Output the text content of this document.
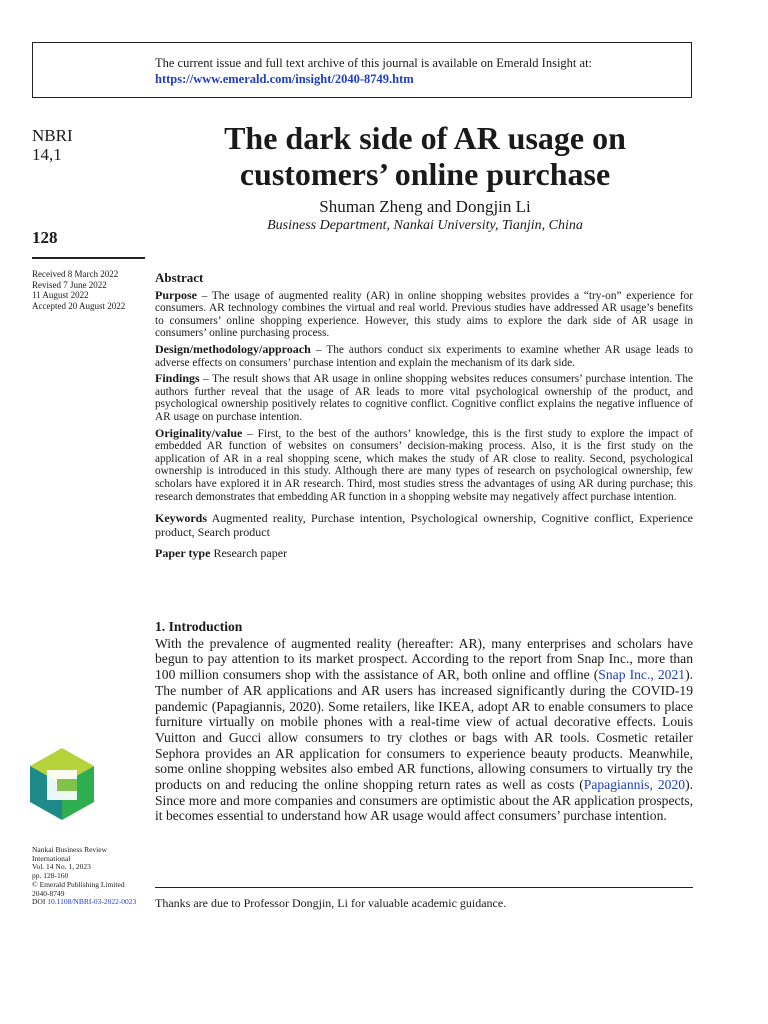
The current issue and full text archive of this journal is available on Emerald Insight at:
https://www.emerald.com/insight/2040-8749.htm
NBRI
14,1
128
Received 8 March 2022
Revised 7 June 2022
11 August 2022
Accepted 20 August 2022
The dark side of AR usage on
customers’ online purchase
Shuman Zheng and Dongjin Li
Business Department, Nankai University, Tianjin, China
Abstract

Purpose – The usage of augmented reality (AR) in online shopping websites provides a “try-on” experience for consumers. AR technology combines the virtual and real world. Previous studies have addressed AR usage’s benefits to consumers’ online shopping experience. However, this study aims to explore the dark side of AR usage in consumers’ online purchasing process.

Design/methodology/approach – The authors conduct six experiments to examine whether AR usage leads to adverse effects on consumers’ purchase intention and explain the mechanism of its dark side.

Findings – The result shows that AR usage in online shopping websites reduces consumers’ purchase intention. The authors further reveal that the usage of AR leads to more vital psychological ownership of the product, and psychological ownership positively relates to cognitive conflict. Cognitive conflict explains the negative influence of AR usage on purchase intention.

Originality/value – First, to the best of the authors’ knowledge, this is the first study to explore the impact of embedded AR function of websites on consumers’ decision-making process. Also, it is the first study on the application of AR in a real shopping scene, which makes the study of AR close to reality. Second, psychological ownership is introduced in this study. Although there are many types of research on psychological ownership, few scholars have explored it in AR research. Third, most studies stress the advantages of using AR during purchase; this research demonstrates that embedding AR function in a shopping website may negatively affect purchase intention.

Keywords Augmented reality, Purchase intention, Psychological ownership, Cognitive conflict, Experience product, Search product
Paper type Research paper
1. Introduction

With the prevalence of augmented reality (hereafter: AR), many enterprises and scholars have begun to pay attention to its market prospect. According to the report from Snap Inc., more than 100 million consumers shop with the assistance of AR, both online and offline (Snap Inc., 2021). The number of AR applications and AR users has increased significantly during the COVID-19 pandemic (Papagiannis, 2020). Some retailers, like IKEA, adopt AR to enable consumers to place furniture virtually on mobile phones with a real-time view of actual decorative effects. Louis Vuitton and Gucci allow consumers to try clothes or bags with AR tools. Cosmetic retailer Sephora provides an AR application for consumers to experience beauty products. Meanwhile, some online shopping websites also embed AR functions, allowing consumers to virtually try the products on and reducing the online shopping return rates as well as costs (Papagiannis, 2020). Since more and more companies and consumers are optimistic about the AR application prospects, it becomes essential to understand how AR usage would affect consumers’ purchase intention.

Nankai Business Review
International
Vol. 14 No. 1, 2023
pp. 128-160
© Emerald Publishing Limited
2040-8749
DOI 10.1108/NBRI-03-2022-0023 Thanks are due to Professor Dongjin, Li for valuable academic guidance.
